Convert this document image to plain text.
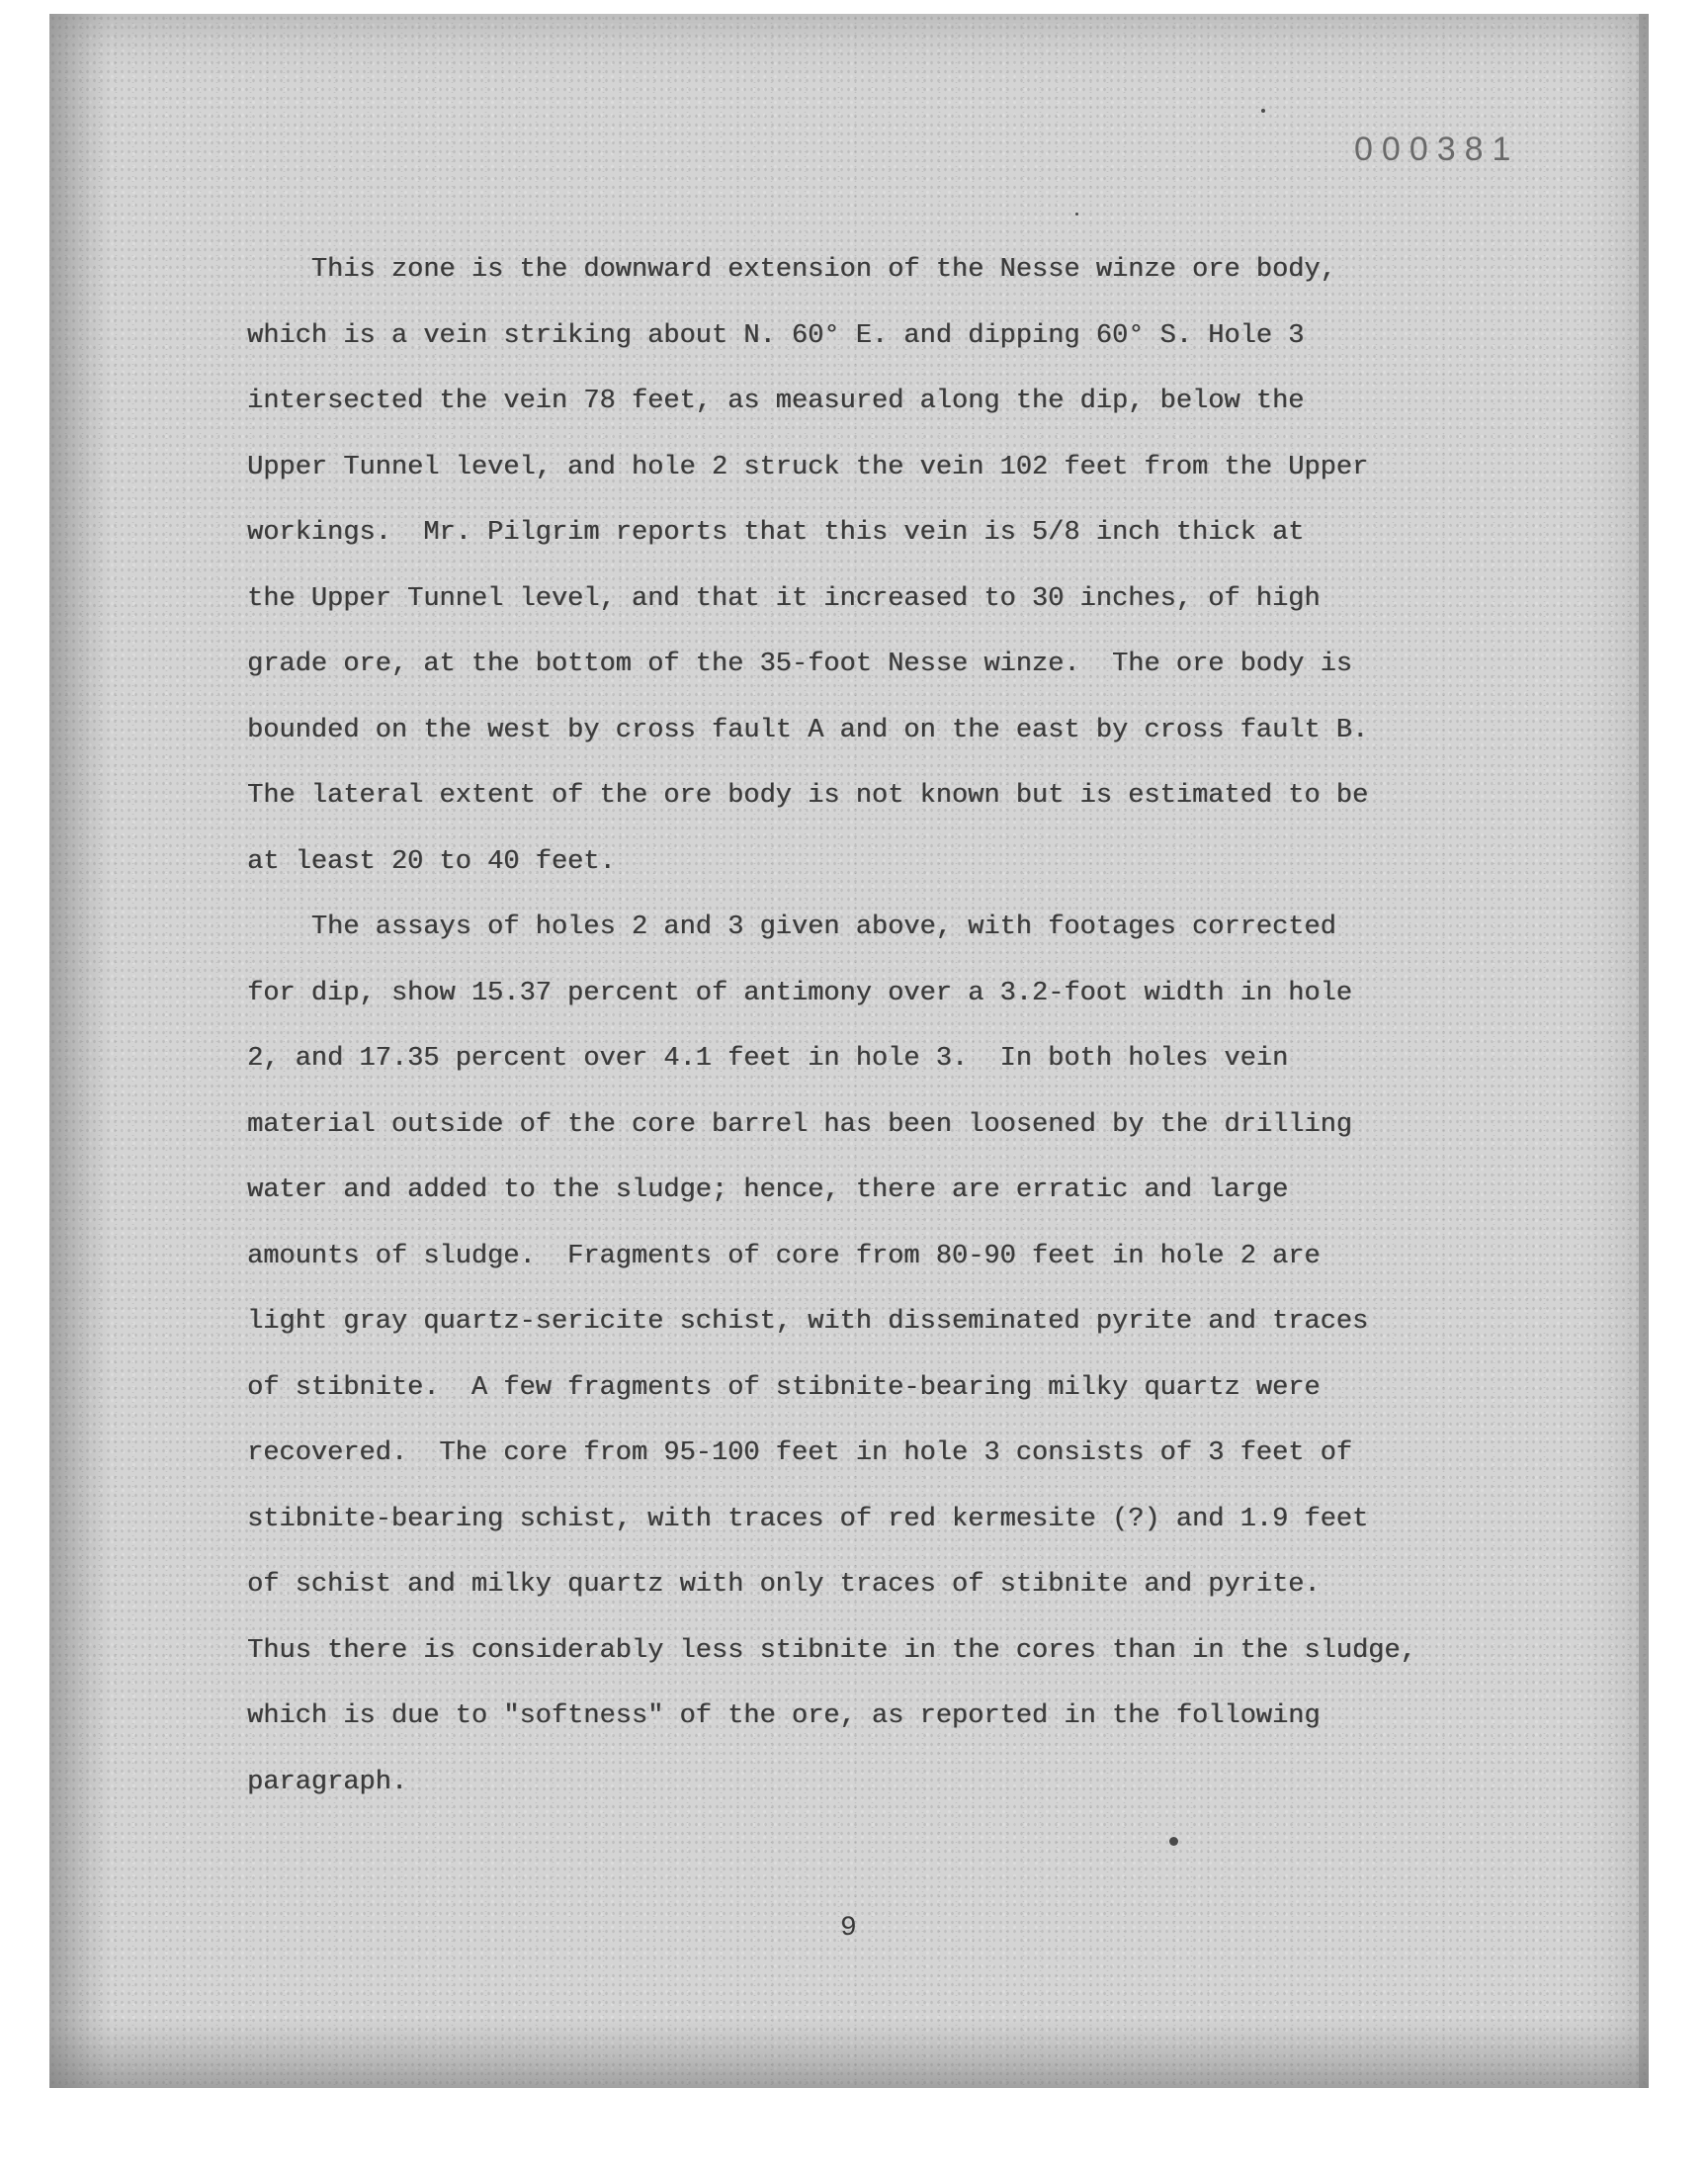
000381
This zone is the downward extension of the Nesse winze ore body,
which is a vein striking about N. 60° E. and dipping 60° S. Hole 3
intersected the vein 78 feet, as measured along the dip, below the
Upper Tunnel level, and hole 2 struck the vein 102 feet from the Upper
workings.  Mr. Pilgrim reports that this vein is 5/8 inch thick at
the Upper Tunnel level, and that it increased to 30 inches, of high
grade ore, at the bottom of the 35-foot Nesse winze.  The ore body is
bounded on the west by cross fault A and on the east by cross fault B.
The lateral extent of the ore body is not known but is estimated to be
at least 20 to 40 feet.
The assays of holes 2 and 3 given above, with footages corrected
for dip, show 15.37 percent of antimony over a 3.2-foot width in hole
2, and 17.35 percent over 4.1 feet in hole 3.  In both holes vein
material outside of the core barrel has been loosened by the drilling
water and added to the sludge; hence, there are erratic and large
amounts of sludge.  Fragments of core from 80-90 feet in hole 2 are
light gray quartz-sericite schist, with disseminated pyrite and traces
of stibnite.  A few fragments of stibnite-bearing milky quartz were
recovered.  The core from 95-100 feet in hole 3 consists of 3 feet of
stibnite-bearing schist, with traces of red kermesite (?) and 1.9 feet
of schist and milky quartz with only traces of stibnite and pyrite.
Thus there is considerably less stibnite in the cores than in the sludge,
which is due to "softness" of the ore, as reported in the following
paragraph.
9
